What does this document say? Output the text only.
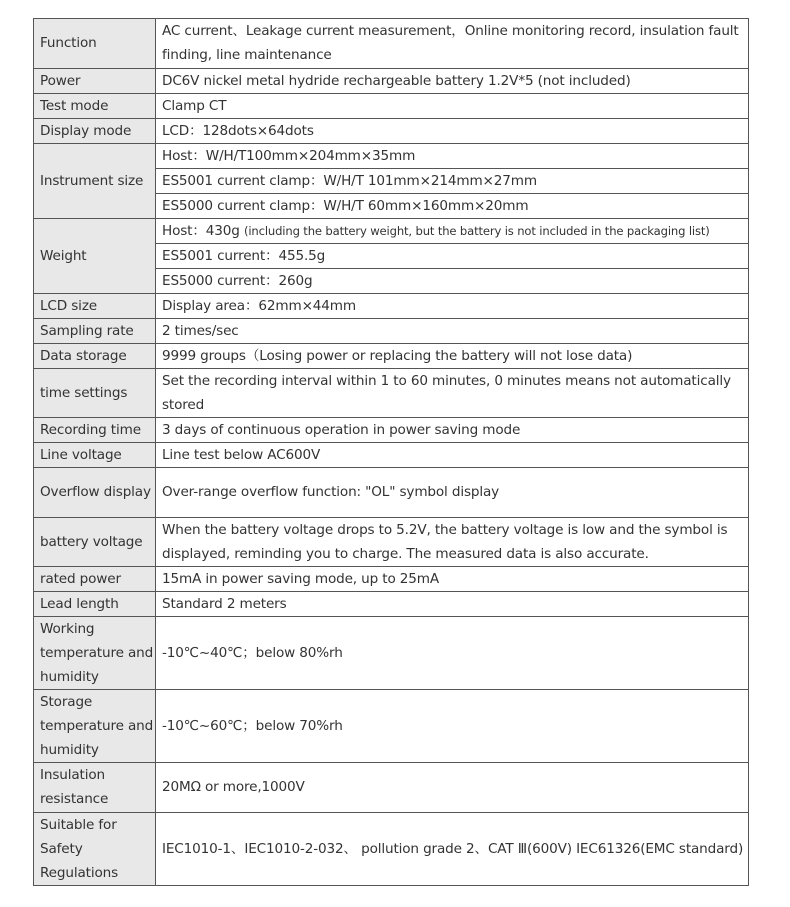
Function	AC current、Leakage current measurement，Online monitoring record, insulation fault finding, line maintenance
Power	DC6V nickel metal hydride rechargeable battery 1.2V*5 (not included)
Test mode	Clamp CT
Display mode	LCD：128dots×64dots
Instrument size	Host：W/H/T100mm×204mm×35mm
	ES5001 current clamp：W/H/T 101mm×214mm×27mm
	ES5000 current clamp：W/H/T 60mm×160mm×20mm
Weight	Host：430g (including the battery weight, but the battery is not included in the packaging list)
	ES5001 current：455.5g
	ES5000 current：260g
LCD size	Display area：62mm×44mm
Sampling rate	2 times/sec
Data storage	9999 groups（Losing power or replacing the battery will not lose data)
time settings	Set the recording interval within 1 to 60 minutes, 0 minutes means not automatically stored
Recording time	3 days of continuous operation in power saving mode
Line voltage	Line test below AC600V
Overflow display	Over-range overflow function: "OL" symbol display
battery voltage	When the battery voltage drops to 5.2V, the battery voltage is low and the symbol is displayed, reminding you to charge. The measured data is also accurate.
rated power	15mA in power saving mode, up to 25mA
Lead length	Standard 2 meters
Working temperature and humidity	-10℃~40℃；below 80%rh
Storage temperature and humidity	-10℃~60℃；below 70%rh
Insulation resistance	20MΩ or more,1000V
Suitable for Safety Regulations	IEC1010-1、IEC1010-2-032、 pollution grade 2、CAT Ⅲ(600V) IEC61326(EMC standard)
